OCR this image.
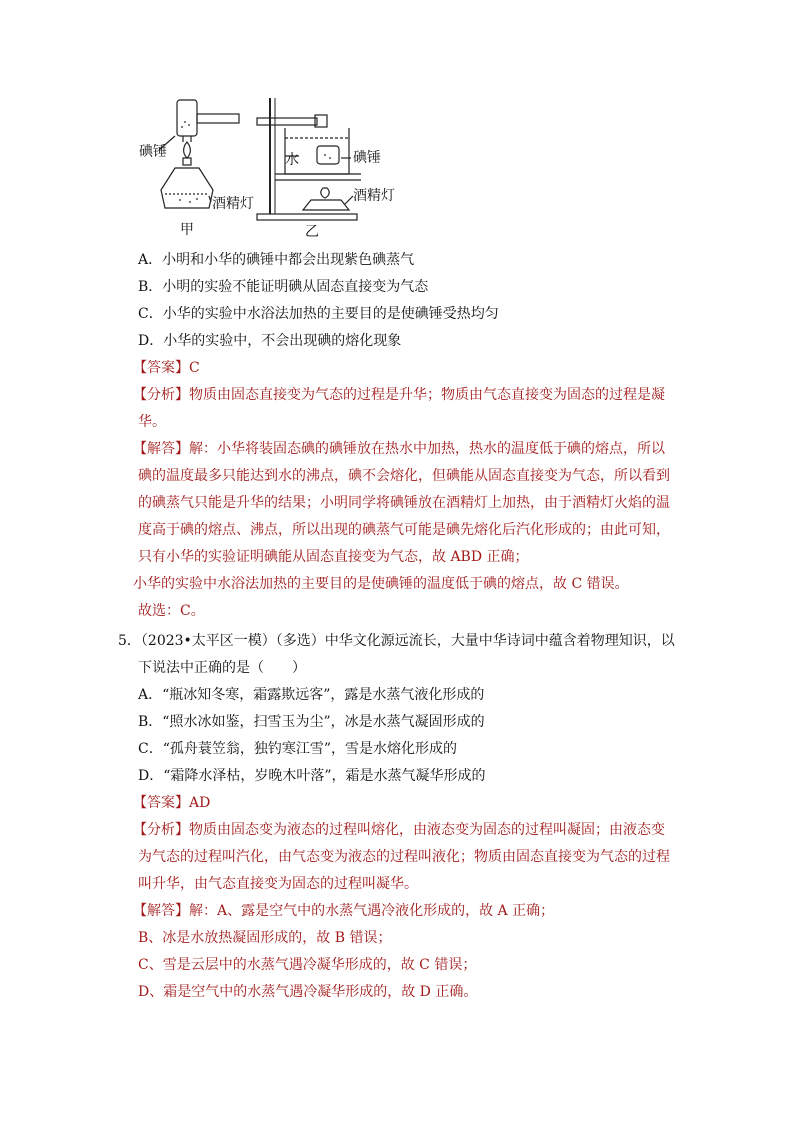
碘锤
酒精灯
甲
水	碘锤
酒精灯
乙
A．小明和小华的碘锤中都会出现紫色碘蒸气
B．小明的实验不能证明碘从固态直接变为气态
C．小华的实验中水浴法加热的主要目的是使碘锤受热均匀
D．小华的实验中，不会出现碘的熔化现象
【答案】C
【分析】物质由固态直接变为气态的过程是升华；物质由气态直接变为固态的过程是凝
华。
【解答】解：小华将装固态碘的碘锤放在热水中加热，热水的温度低于碘的熔点，所以
碘的温度最多只能达到水的沸点，碘不会熔化，但碘能从固态直接变为气态，所以看到
的碘蒸气只能是升华的结果；小明同学将碘锤放在酒精灯上加热，由于酒精灯火焰的温
度高于碘的熔点、沸点，所以出现的碘蒸气可能是碘先熔化后汽化形成的；由此可知，
只有小华的实验证明碘能从固态直接变为气态，故 ABD 正确；
小华的实验中水浴法加热的主要目的是使碘锤的温度低于碘的熔点，故 C 错误。
故选：C。
5．（2023•太平区一模）（多选）中华文化源远流长，大量中华诗词中蕴含着物理知识，以
下说法中正确的是（　　）
A．“瓶冰知冬寒，霜露欺远客”，露是水蒸气液化形成的
B．“照水冰如鉴，扫雪玉为尘”，冰是水蒸气凝固形成的
C．“孤舟蓑笠翁，独钓寒江雪”，雪是水熔化形成的
D．“霜降水泽枯，岁晚木叶落”，霜是水蒸气凝华形成的
【答案】AD
【分析】物质由固态变为液态的过程叫熔化，由液态变为固态的过程叫凝固；由液态变
为气态的过程叫汽化，由气态变为液态的过程叫液化；物质由固态直接变为气态的过程
叫升华，由气态直接变为固态的过程叫凝华。
【解答】解：A、露是空气中的水蒸气遇冷液化形成的，故 A 正确；
B、冰是水放热凝固形成的，故 B 错误；
C、雪是云层中的水蒸气遇冷凝华形成的，故 C 错误；
D、霜是空气中的水蒸气遇冷凝华形成的，故 D 正确。
